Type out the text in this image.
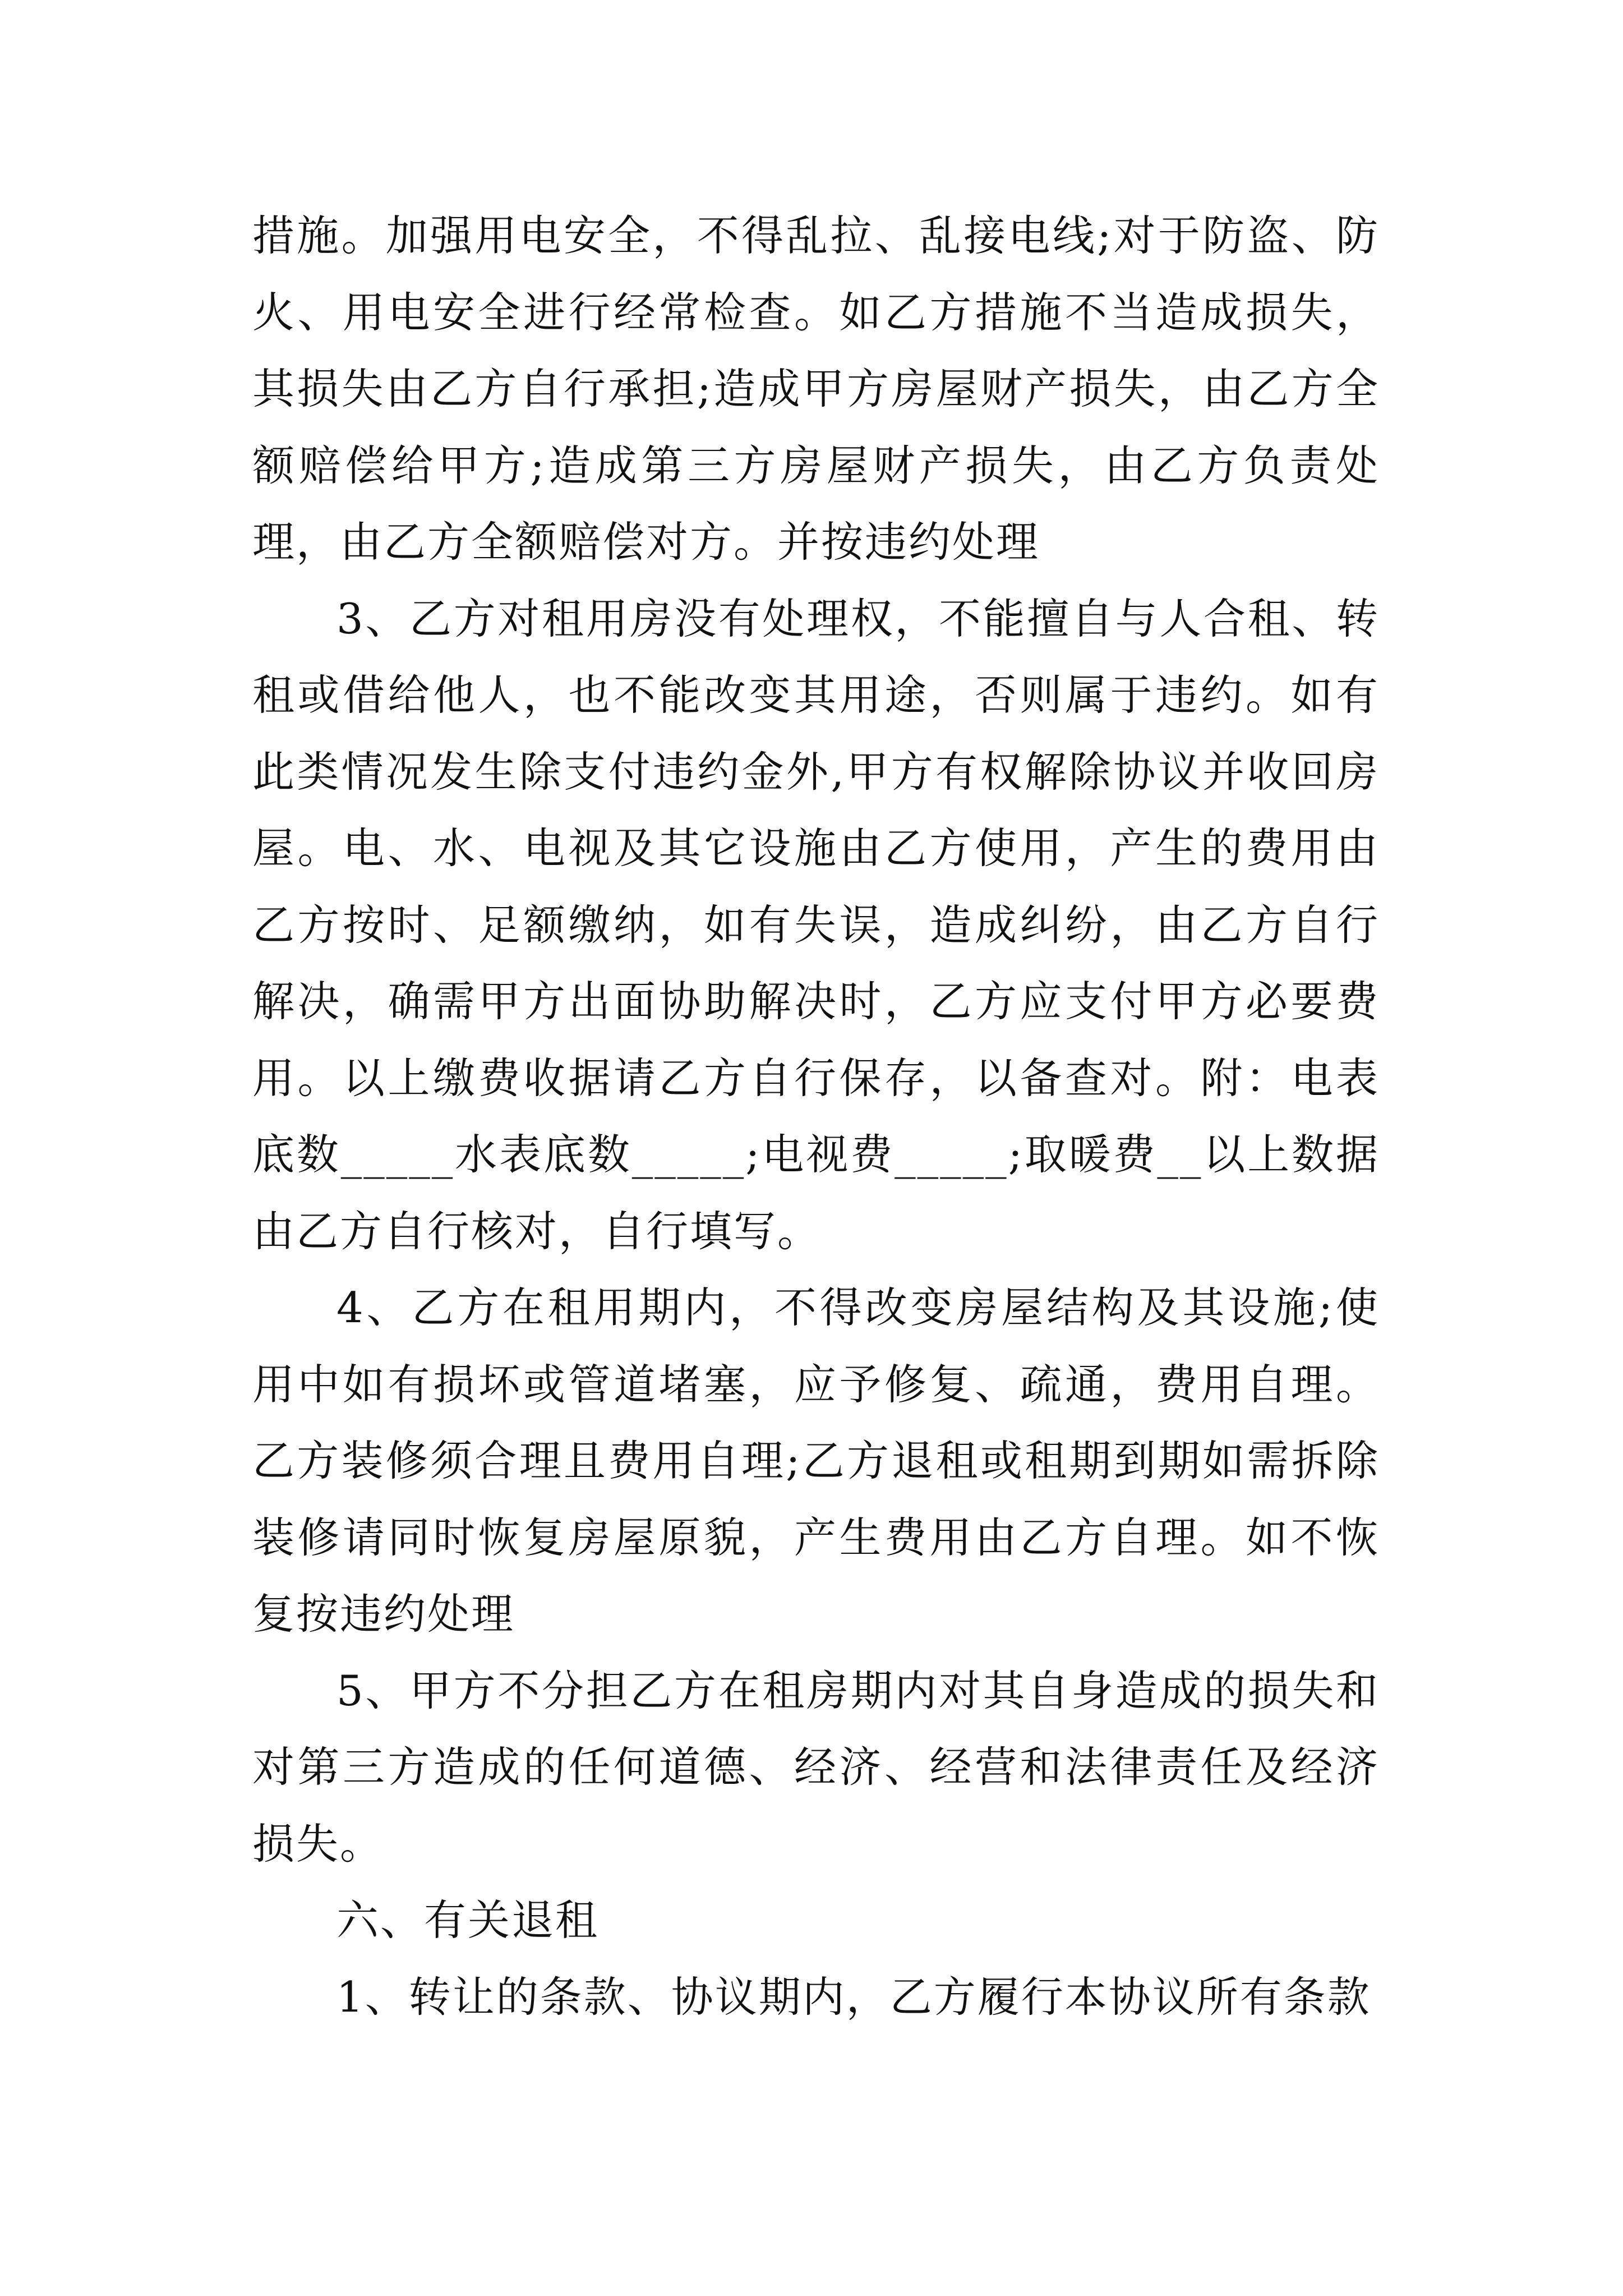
措施。加强用电安全，不得乱拉、乱接电线;对于防盗、防火、用电安全进行经常检查。如乙方措施不当造成损失，其损失由乙方自行承担;造成甲方房屋财产损失，由乙方全额赔偿给甲方;造成第三方房屋财产损失，由乙方负责处理，由乙方全额赔偿对方。并按违约处理

3、乙方对租用房没有处理权，不能擅自与人合租、转租或借给他人，也不能改变其用途，否则属于违约。如有此类情况发生除支付违约金外,甲方有权解除协议并收回房屋。电、水、电视及其它设施由乙方使用，产生的费用由乙方按时、足额缴纳，如有失误，造成纠纷，由乙方自行解决，确需甲方出面协助解决时，乙方应支付甲方必要费用。以上缴费收据请乙方自行保存，以备查对。附：电表底数_____水表底数_____;电视费_____;取暖费__以上数据由乙方自行核对，自行填写。

4、乙方在租用期内，不得改变房屋结构及其设施;使用中如有损坏或管道堵塞，应予修复、疏通，费用自理。乙方装修须合理且费用自理;乙方退租或租期到期如需拆除装修请同时恢复房屋原貌，产生费用由乙方自理。如不恢复按违约处理

5、甲方不分担乙方在租房期内对其自身造成的损失和对第三方造成的任何道德、经济、经营和法律责任及经济损失。

六、有关退租

1、转让的条款、协议期内，乙方履行本协议所有条款
